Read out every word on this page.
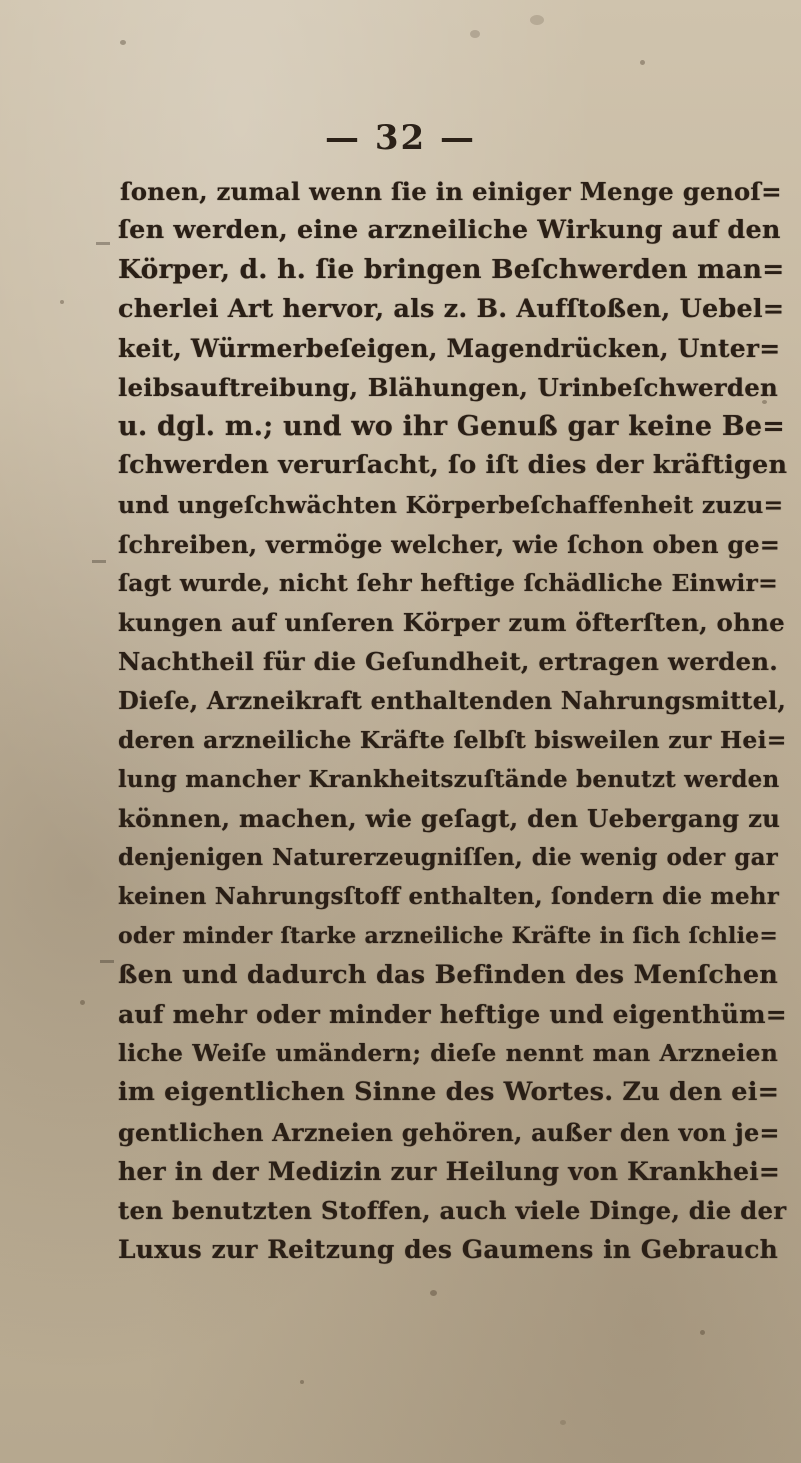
— 32 —
ſonen, zumal wenn ſie in einiger Menge genoſ=
ſen werden, eine arzneiliche Wirkung auf den
Körper, d. h. ſie bringen Beſchwerden man=
cherlei Art hervor, als z. B. Aufſtoßen, Uebel=
keit, Würmerbeſeigen, Magendrücken, Unter=
leibsauftreibung, Blähungen, Urinbeſchwerden
u. dgl. m.; und wo ihr Genuß gar keine Be=
ſchwerden verurſacht, ſo iſt dies der kräftigen
und ungeſchwächten Körperbeſchaffenheit zuzu=
ſchreiben, vermöge welcher, wie ſchon oben ge=
ſagt wurde, nicht ſehr heftige ſchädliche Einwir=
kungen auf unſeren Körper zum öfterſten, ohne
Nachtheil für die Geſundheit, ertragen werden.
Dieſe, Arzneikraft enthaltenden Nahrungsmittel,
deren arzneiliche Kräfte ſelbſt bisweilen zur Hei=
lung mancher Krankheitszuſtände benutzt werden
können, machen, wie geſagt, den Uebergang zu
denjenigen Naturerzeugniſſen, die wenig oder gar
keinen Nahrungsſtoff enthalten, ſondern die mehr
oder minder ſtarke arzneiliche Kräfte in ſich ſchlie=
ßen und dadurch das Befinden des Menſchen
auf mehr oder minder heftige und eigenthüm=
liche Weiſe umändern; dieſe nennt man Arzneien
im eigentlichen Sinne des Wortes. Zu den ei=
gentlichen Arzneien gehören, außer den von je=
her in der Medizin zur Heilung von Krankhei=
ten benutzten Stoffen, auch viele Dinge, die der
Luxus zur Reitzung des Gaumens in Gebrauch
